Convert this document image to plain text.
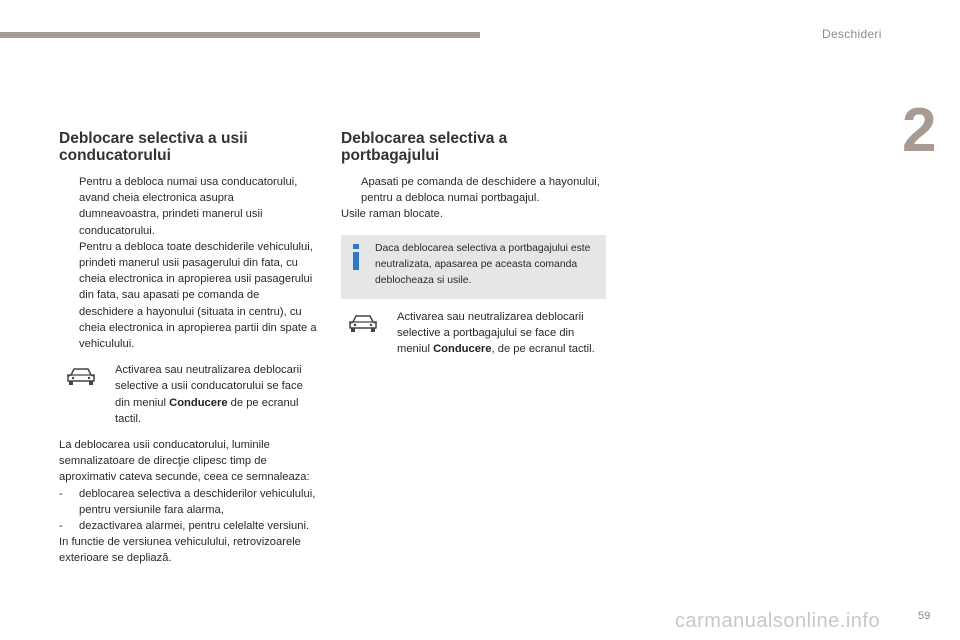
Deschideri
2
Deblocare selectiva a usii conducatorului

Pentru a debloca numai usa conducatorului, avand cheia electronica asupra dumneavoastra, prindeti manerul usii conducatorului.

Pentru a debloca toate deschiderile vehiculului, prindeti manerul usii pasagerului din fata, cu cheia electronica in apropierea usii pasagerului din fata, sau apasati pe comanda de deschidere a hayonului (situata in centru), cu cheia electronica in apropierea partii din spate a vehiculului.

Activarea sau neutralizarea deblocarii selective a usii conducatorului se face din meniul Conducere de pe ecranul tactil.

La deblocarea usii conducatorului, luminile semnalizatoare de direcţie clipesc timp de aproximativ cateva secunde, ceea ce semnaleaza:

- deblocarea selectiva a deschiderilor vehiculului, pentru versiunile fara alarma,

- dezactivarea alarmei, pentru celelalte versiuni.

In functie de versiunea vehiculului, retrovizoarele exterioare se depliază.

Deblocarea selectiva a portbagajului

Apasati pe comanda de deschidere a hayonului, pentru a debloca numai portbagajul.

Usile raman blocate.

Daca deblocarea selectiva a portbagajului este neutralizata, apasarea pe aceasta comanda deblocheaza si usile.

Activarea sau neutralizarea deblocarii selective a portbagajului se face din meniul Conducere, de pe ecranul tactil.

carmanualsonline.info	59
